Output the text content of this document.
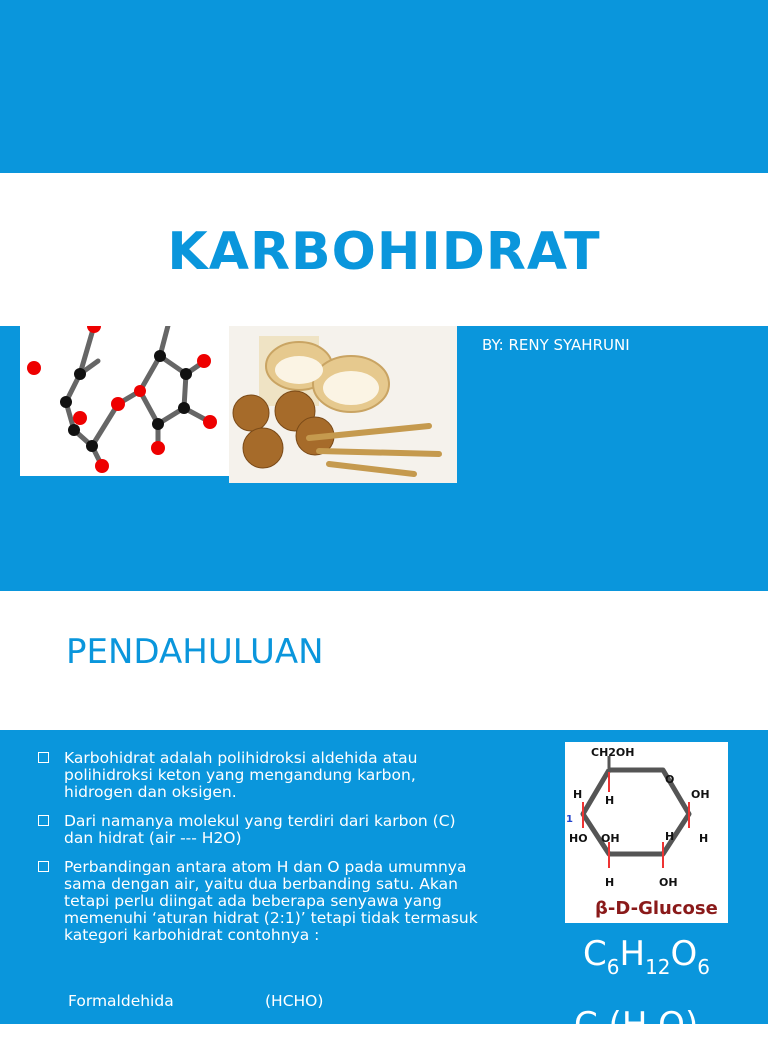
KARBOHIDRAT
BY: RENY SYAHRUNI
PENDAHULUAN
Karbohidrat adalah polihidroksi aldehida atau polihidroksi keton yang mengandung karbon, hidrogen dan oksigen.
Dari namanya molekul yang terdiri dari karbon (C) dan hidrat (air --- H2O)
Perbandingan antara atom H dan O pada umumnya sama dengan air, yaitu dua berbanding satu. Akan tetapi perlu diingat ada beberapa senyawa yang memenuhi ‘aturan hidrat (2:1)’ tetapi tidak termasuk kategori karbohidrat contohnya :
Formaldehida	(HCHO)
CH2OH
O
OH
H H
HO OH	H H
H	OH
1
β-D-Glucose
$C_6H_{12}O_6$
C (H O)
